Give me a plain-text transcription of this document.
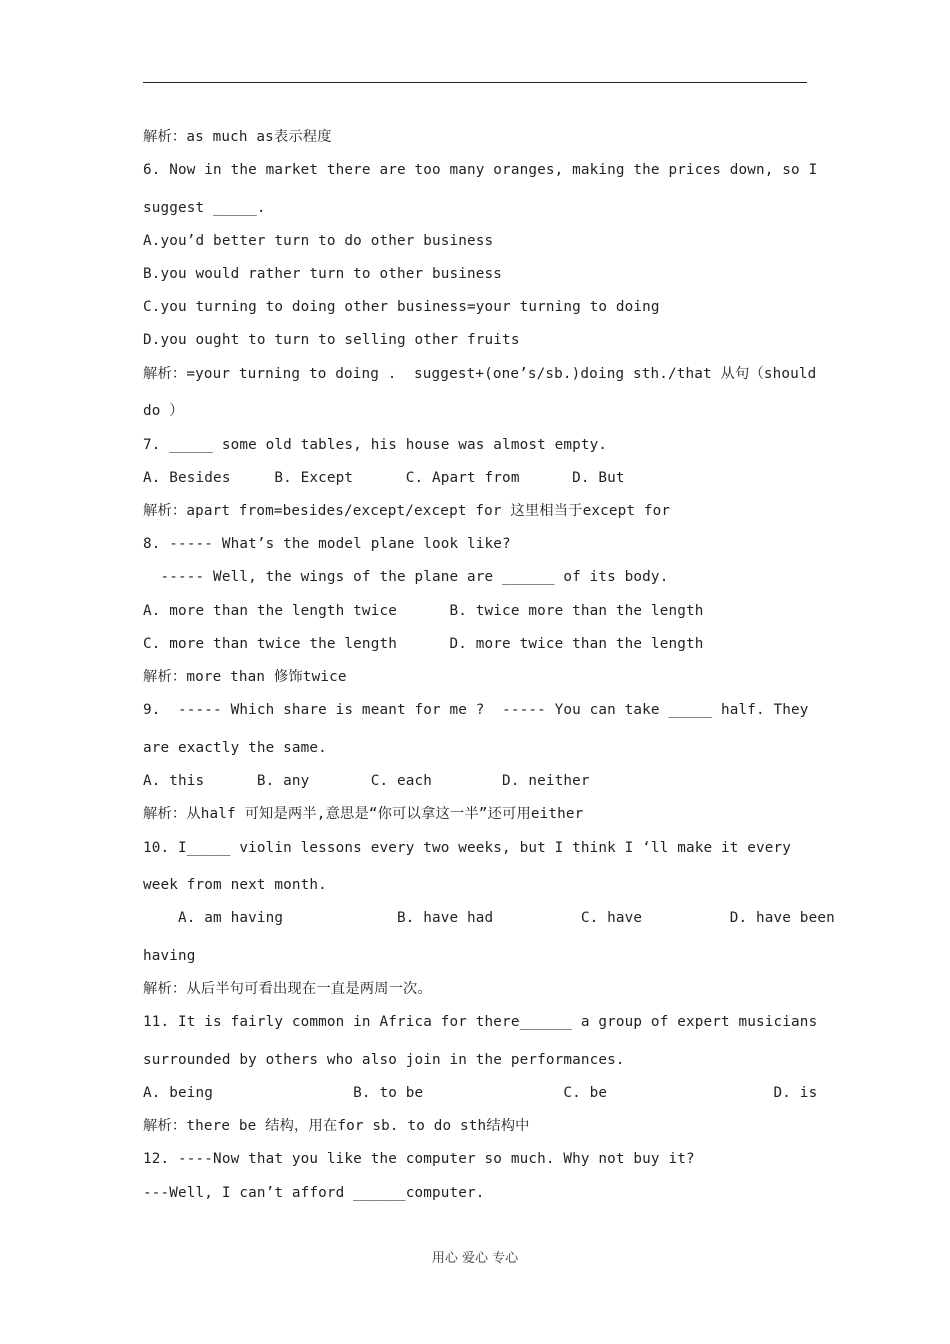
解析：as much as表示程度
6. Now in the market there are too many oranges, making the prices down, so I
suggest _____.
A.you’d better turn to do other business
B.you would rather turn to other business
C.you turning to doing other business=your turning to doing
D.you ought to turn to selling other fruits
解析：=your turning to doing .  suggest+(one’s/sb.)doing sth./that 从句（should
do ）
7. _____ some old tables, his house was almost empty.
A. Besides     B. Except      C. Apart from      D. But
解析：apart from=besides/except/except for 这里相当于except for
8. ----- What’s the model plane look like?
----- Well, the wings of the plane are ______ of its body.
A. more than the length twice      B. twice more than the length
C. more than twice the length      D. more twice than the length
解析：more than 修饰twice
9.  ----- Which share is meant for me ?  ----- You can take _____ half. They
are exactly the same.
A. this      B. any       C. each        D. neither
解析：从half 可知是两半,意思是“你可以拿这一半”还可用either
10. I_____ violin lessons every two weeks, but I think I ‘ll make it every
week from next month.
A. am having             B. have had          C. have          D. have been
having
解析：从后半句可看出现在一直是两周一次。
11. It is fairly common in Africa for there______ a group of expert musicians
surrounded by others who also join in the performances.
A. being                B. to be                C. be                   D. is
解析：there be 结构，用在for sb. to do sth结构中
12. ----Now that you like the computer so much. Why not buy it?
---Well, I can’t afford ______computer.
用心 爱心 专心
